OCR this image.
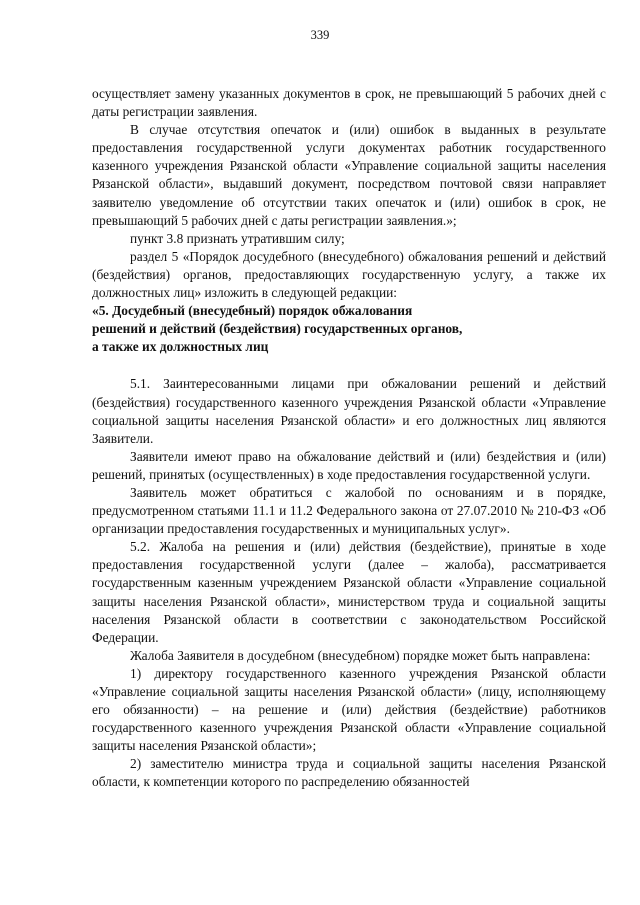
339

осуществляет замену указанных документов в срок, не превышающий 5 рабочих дней с даты регистрации заявления.

В случае отсутствия опечаток и (или) ошибок в выданных в результате предоставления государственной услуги документах работник государственного казенного учреждения Рязанской области «Управление социальной защиты населения Рязанской области», выдавший документ, посредством почтовой связи направляет заявителю уведомление об отсутствии таких опечаток и (или) ошибок в срок, не превышающий 5 рабочих дней с даты регистрации заявления.»;

пункт 3.8 признать утратившим силу;

раздел 5 «Порядок досудебного (внесудебного) обжалования решений и действий (бездействия) органов, предоставляющих государственную услугу, а также их должностных лиц» изложить в следующей редакции:

«5. Досудебный (внесудебный) порядок обжалования

решений и действий (бездействия) государственных органов,

а также их должностных лиц

5.1. Заинтересованными лицами при обжаловании решений и действий (бездействия) государственного казенного учреждения Рязанской области «Управление социальной защиты населения Рязанской области» и его должностных лиц являются Заявители.

Заявители имеют право на обжалование действий и (или) бездействия и (или) решений, принятых (осуществленных) в ходе предоставления государственной услуги.

Заявитель может обратиться с жалобой по основаниям и в порядке, предусмотренном статьями 11.1 и 11.2 Федерального закона от 27.07.2010 № 210-ФЗ «Об организации предоставления государственных и муниципальных услуг».

5.2. Жалоба на решения и (или) действия (бездействие), принятые в ходе предоставления государственной услуги (далее – жалоба), рассматривается государственным казенным учреждением Рязанской области «Управление социальной защиты населения Рязанской области», министерством труда и социальной защиты населения Рязанской области в соответствии с законодательством Российской Федерации.

Жалоба Заявителя в досудебном (внесудебном) порядке может быть направлена:

1) директору государственного казенного учреждения Рязанской области «Управление социальной защиты населения Рязанской области» (лицу, исполняющему его обязанности) – на решение и (или) действия (бездействие) работников государственного казенного учреждения Рязанской области «Управление социальной защиты населения Рязанской области»;

2) заместителю министра труда и социальной защиты населения Рязанской области, к компетенции которого по распределению обязанностей
